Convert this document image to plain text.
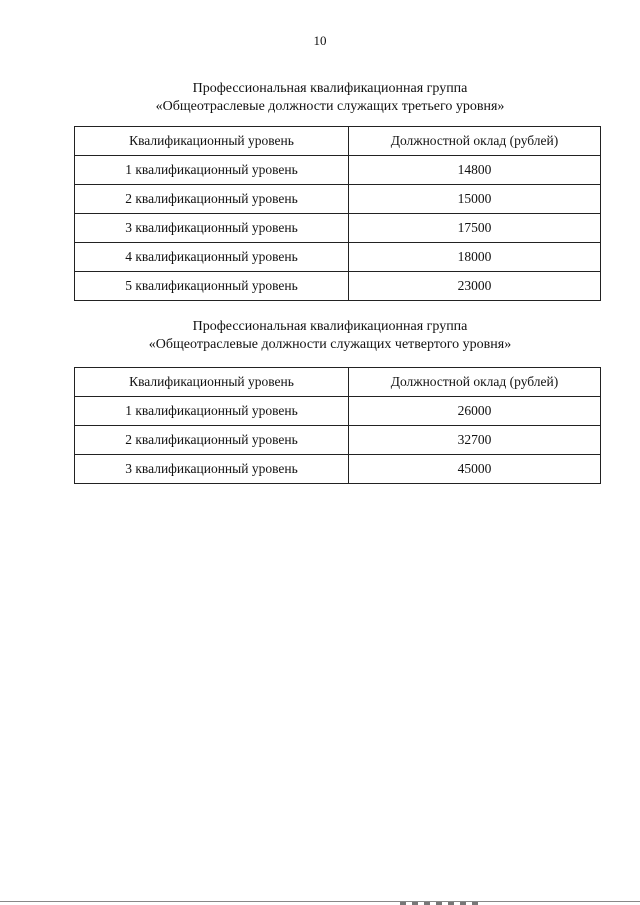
10
Профессиональная квалификационная группа
«Общеотраслевые должности служащих третьего уровня»
Квалификационный уровень	Должностной оклад (рублей)
1 квалификационный уровень	14800
2 квалификационный уровень	15000
3 квалификационный уровень	17500
4 квалификационный уровень	18000
5 квалификационный уровень	23000
Профессиональная квалификационная группа
«Общеотраслевые должности служащих четвертого уровня»
Квалификационный уровень	Должностной оклад (рублей)
1 квалификационный уровень	26000
2 квалификационный уровень	32700
3 квалификационный уровень	45000
